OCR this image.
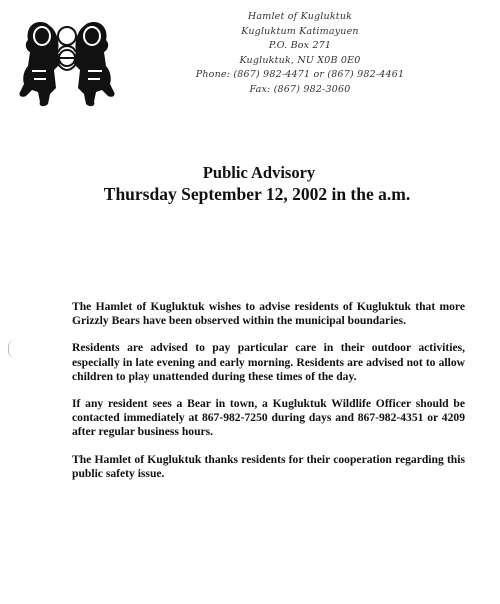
Hamlet of Kugluktuk
Kugluktum Katimayuen
P.O. Box 271
Kugluktuk, NU X0B 0E0
Phone: (867) 982-4471 or (867) 982-4461
Fax: (867) 982-3060
Public Advisory
Thursday September 12, 2002 in the a.m.

The Hamlet of Kugluktuk wishes to advise residents of Kugluktuk that more Grizzly Bears have been observed within the municipal boundaries.

Residents are advised to pay particular care in their outdoor activities, especially in late evening and early morning. Residents are advised not to allow children to play unattended during these times of the day.

If any resident sees a Bear in town, a Kugluktuk Wildlife Officer should be contacted immediately at 867-982-7250 during days and 867-982-4351 or 4209 after regular business hours.

The Hamlet of Kugluktuk thanks residents for their cooperation regarding this public safety issue.
